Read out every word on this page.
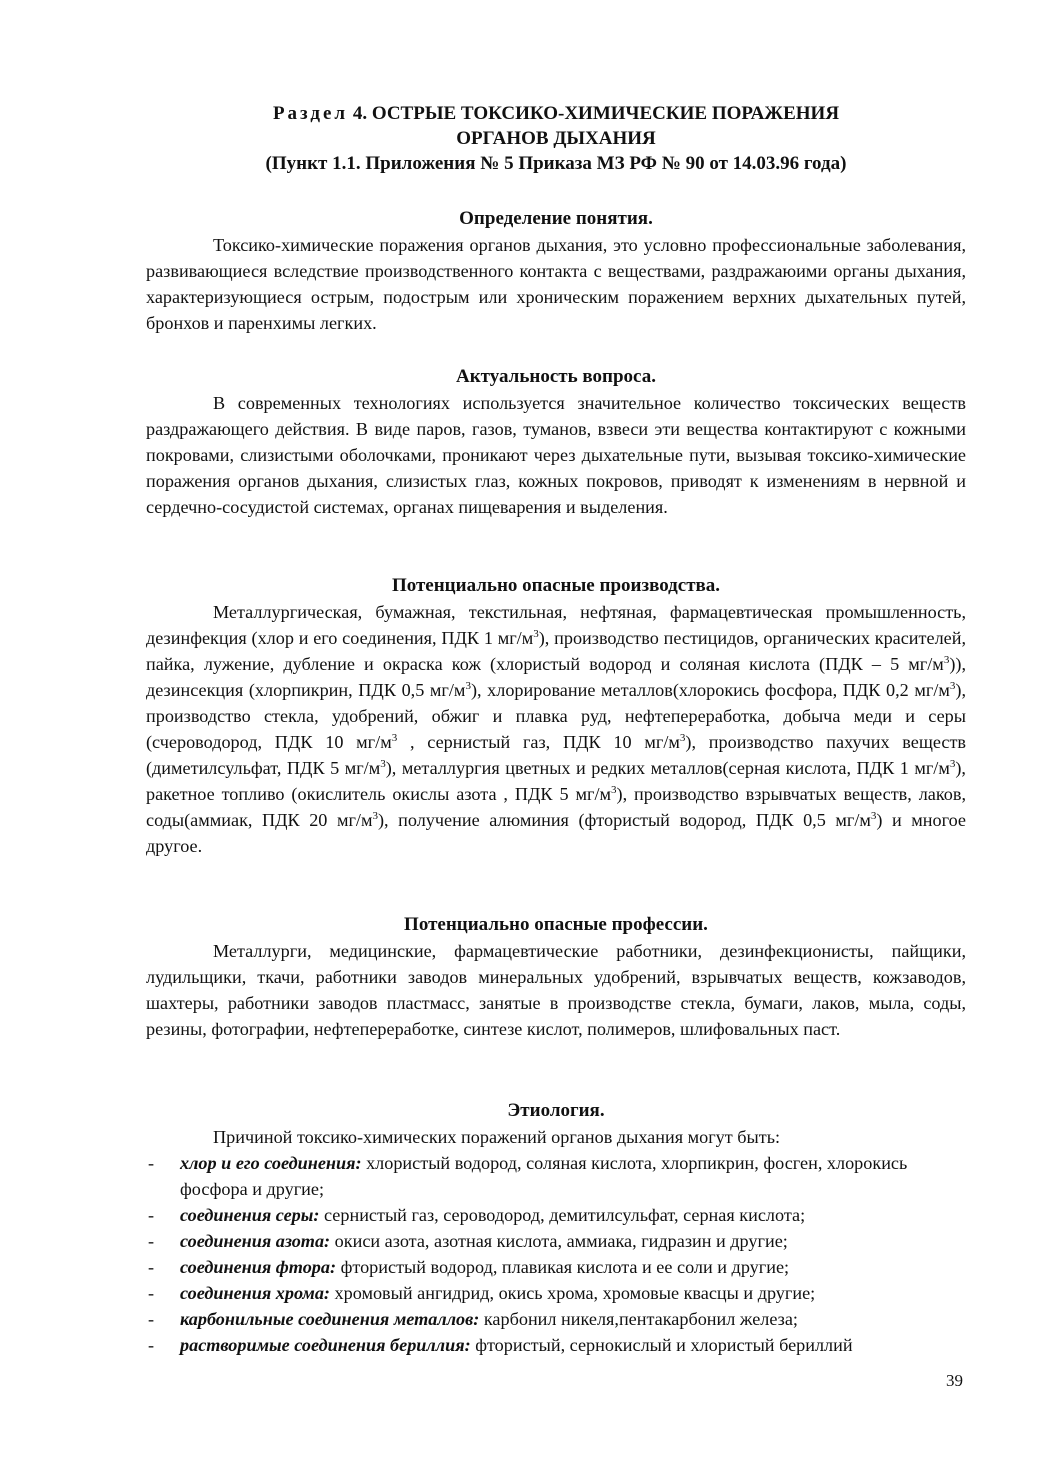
Раздел 4. ОСТРЫЕ ТОКСИКО-ХИМИЧЕСКИЕ ПОРАЖЕНИЯ
ОРГАНОВ ДЫХАНИЯ
(Пункт 1.1. Приложения № 5 Приказа МЗ РФ № 90 от 14.03.96 года)
Определение понятия.

Токсико-химические поражения органов дыхания, это условно профессиональные заболевания, развивающиеся вследствие производственного контакта с веществами, раздражаюими органы дыхания, характеризующиеся острым, подострым или хроническим поражением верхних дыхательных путей, бронхов и паренхимы легких.

Актуальность вопроса.

В современных технологиях используется значительное количество токсических веществ раздражающего действия. В виде паров, газов, туманов, взвеси эти вещества контактируют с кожными покровами, слизистыми оболочками, проникают через дыхательные пути, вызывая токсико-химические поражения органов дыхания, слизистых глаз, кожных покровов, приводят к изменениям в нервной и сердечно-сосудистой системах, органах пищеварения и выделения.

Потенциально опасные производства.

Металлургическая, бумажная, текстильная, нефтяная, фармацевтическая промышленность, дезинфекция (хлор и его соединения, ПДК 1 $мг/м^3$), производство пестицидов, органических красителей, пайка, лужение, дубление и окраска кож (хлористый водород и соляная кислота (ПДК – 5 $мг/м^3$)), дезинсекция (хлорпикрин, ПДК 0,5 $мг/м^3$), хлорирование металлов(хлорокись фосфора, ПДК 0,2 $мг/м^3$), производство стекла, удобрений, обжиг и плавка руд, нефтепереработка, добыча меди и серы (счероводород, ПДК 10 $мг/м^3$ , сернистый газ, ПДК 10 $мг/м^3$), производство пахучих веществ (диметилсульфат, ПДК 5 $мг/м^3$), металлургия цветных и редких металлов(серная кислота, ПДК 1 $мг/м^3$), ракетное топливо (окислитель окислы азота , ПДК 5 $мг/м^3$), производство взрывчатых веществ, лаков, соды(аммиак, ПДК 20 $мг/м^3$), получение алюминия (фтористый водород, ПДК 0,5 $мг/м^3$) и многое другое.

Потенциально опасные профессии.

Металлурги, медицинские, фармацевтические работники, дезинфекционисты, пайщики, лудильщики, ткачи, работники заводов минеральных удобрений, взрывчатых веществ, кожзаводов, шахтеры, работники заводов пластмасс, занятые в производстве стекла, бумаги, лаков, мыла, соды, резины, фотографии, нефтепереработке, синтезе кислот, полимеров, шлифовальных паст.

Этиология.

Причиной токсико-химических поражений органов дыхания могут быть:

- хлор и его соединения: хлористый водород, соляная кислота, хлорпикрин, фосген, хлорокись фосфора и другие;
- соединения серы: сернистый газ, сероводород, демитилсульфат, серная кислота;
- соединения азота: окиси азота, азотная кислота, аммиака, гидразин и другие;
- соединения фтора: фтористый водород, плавикая кислота и ее соли и другие;
- соединения хрома: хромовый ангидрид, окись хрома, хромовые квасцы и другие;
- карбонильные соединения металлов: карбонил никеля,пентакарбонил железа;
- растворимые соединения бериллия: фтористый, сернокислый и хлористый бериллий
39
